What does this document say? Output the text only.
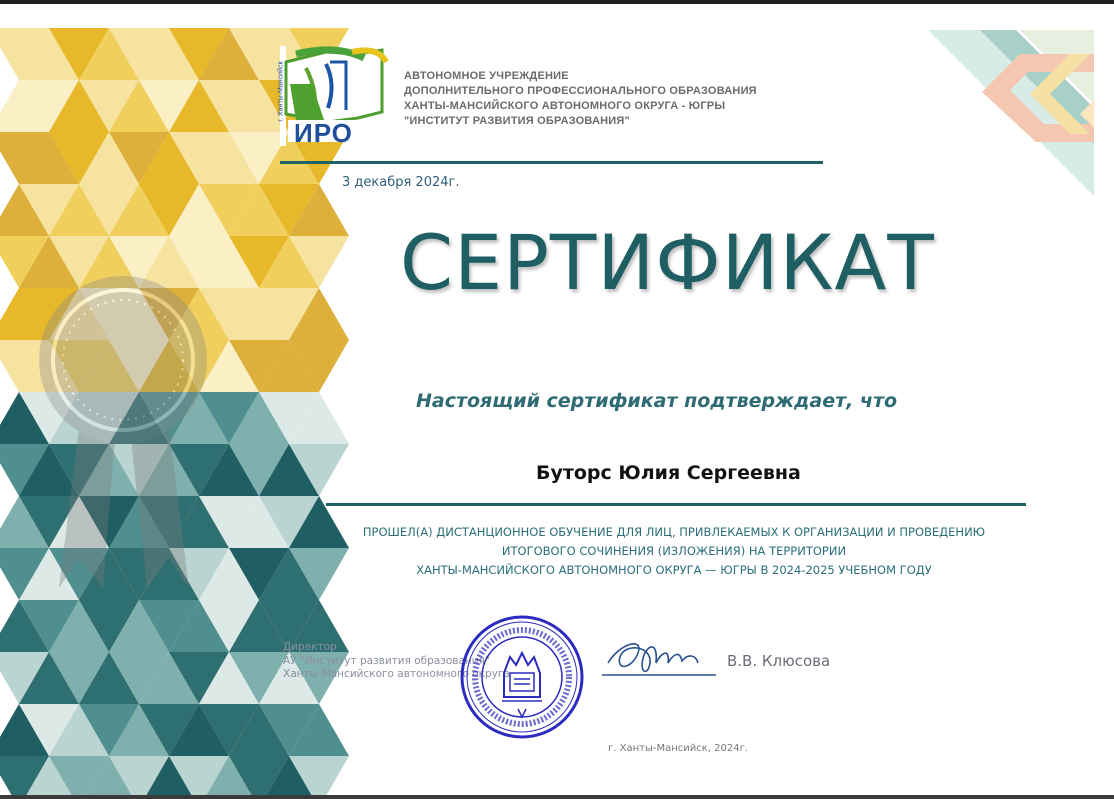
ИРО
г. Ханты-Мансийск	АВТОНОМНОЕ УЧРЕЖДЕНИЕ
ДОПОЛНИТЕЛЬНОГО ПРОФЕССИОНАЛЬНОГО ОБРАЗОВАНИЯ
ХАНТЫ-МАНСИЙСКОГО АВТОНОМНОГО ОКРУГА - ЮГРЫ
"ИНСТИТУТ РАЗВИТИЯ ОБРАЗОВАНИЯ"
3 декабря 2024г.
СЕРТИФИКАТ
Настоящий сертификат подтверждает, что
Буторс Юлия Сергеевна
ПРОШЕЛ(А) ДИСТАНЦИОННОЕ ОБУЧЕНИЕ ДЛЯ ЛИЦ, ПРИВЛЕКАЕМЫХ К ОРГАНИЗАЦИИ И ПРОВЕДЕНИЮ
ИТОГОВОГО СОЧИНЕНИЯ (ИЗЛОЖЕНИЯ) НА ТЕРРИТОРИИ
ХАНТЫ-МАНСИЙСКОГО АВТОНОМНОГО ОКРУГА — ЮГРЫ В 2024-2025 УЧЕБНОМ ГОДУ
Директор
АУ "Институт развития образования"
Ханты-Мансийского автономного округа
В.В. Клюсова
г. Ханты-Мансийск, 2024г.
